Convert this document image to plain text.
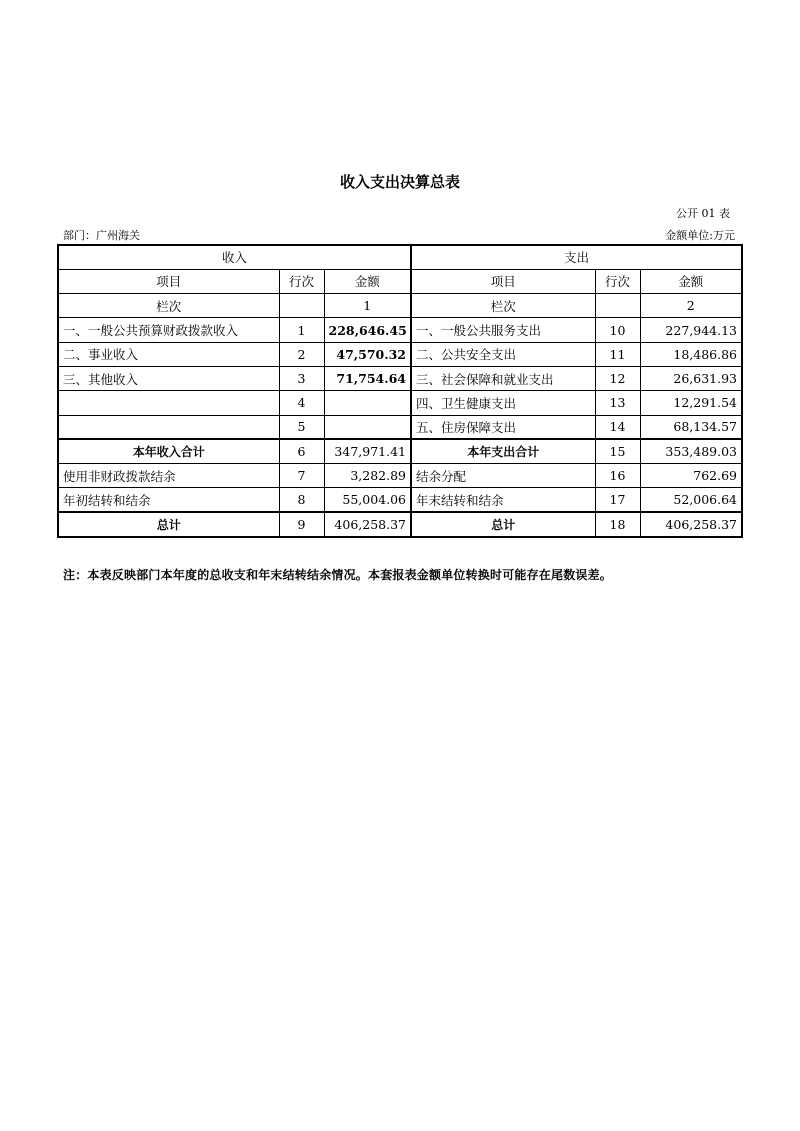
收入支出决算总表
公开 01 表
部门：广州海关	金额单位:万元
收入			支出		
项目	行次	金额	项目	行次	金额
栏次		1	栏次		2
一、一般公共预算财政拨款收入	1	228,646.45	一、一般公共服务支出	10	227,944.13
二、事业收入	2	47,570.32	二、公共安全支出	11	18,486.86
三、其他收入	3	71,754.64	三、社会保障和就业支出	12	26,631.93
	4		四、卫生健康支出	13	12,291.54
	5		五、住房保障支出	14	68,134.57
本年收入合计	6	347,971.41	本年支出合计	15	353,489.03
使用非财政拨款结余	7	3,282.89	结余分配	16	762.69
年初结转和结余	8	55,004.06	年末结转和结余	17	52,006.64
总计	9	406,258.37	总计	18	406,258.37
注：本表反映部门本年度的总收支和年末结转结余情况。本套报表金额单位转换时可能存在尾数误差。
